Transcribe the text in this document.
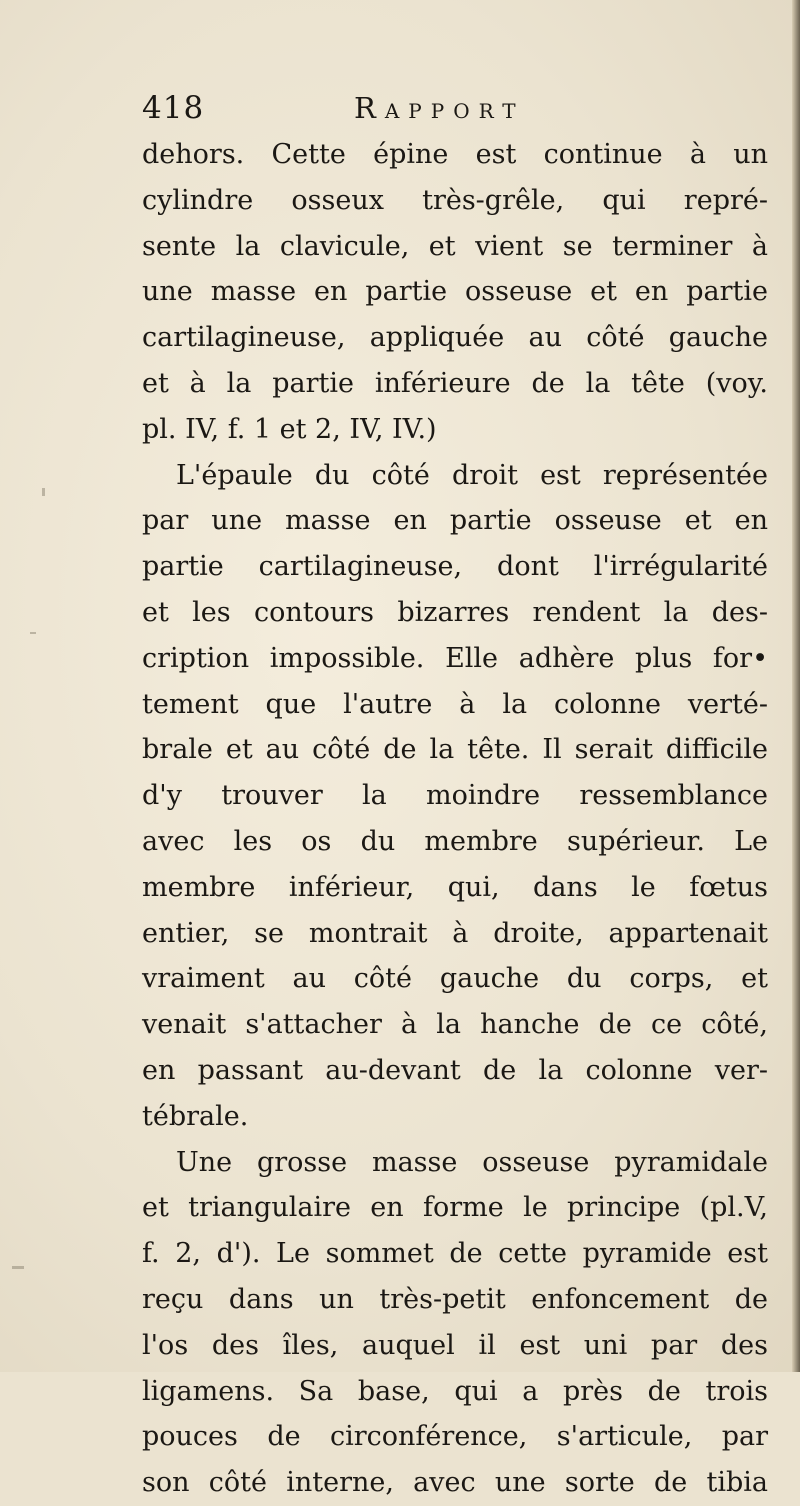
418	Rapport
dehors. Cette épine est continue à un
cylindre osseux très-grêle, qui repré-
sente la clavicule, et vient se terminer à
une masse en partie osseuse et en partie
cartilagineuse, appliquée au côté gauche
et à la partie inférieure de la tête (voy.
pl. IV, f. 1 et 2, IV, IV.)
L'épaule du côté droit est représentée
par une masse en partie osseuse et en
partie cartilagineuse, dont l'irrégularité
et les contours bizarres rendent la des-
cription impossible. Elle adhère plus for•
tement que l'autre à la colonne verté-
brale et au côté de la tête. Il serait difficile
d'y trouver la moindre ressemblance
avec les os du membre supérieur. Le
membre inférieur, qui, dans le fœtus
entier, se montrait à droite, appartenait
vraiment au côté gauche du corps, et
venait s'attacher à la hanche de ce côté,
en passant au-devant de la colonne ver-
tébrale.
Une grosse masse osseuse pyramidale
et triangulaire en forme le principe (pl.V,
f. 2, d'). Le sommet de cette pyramide est
reçu dans un très-petit enfoncement de
l'os des îles, auquel il est uni par des
ligamens. Sa base, qui a près de trois
pouces de circonférence, s'articule, par
son côté interne, avec une sorte de tibia
